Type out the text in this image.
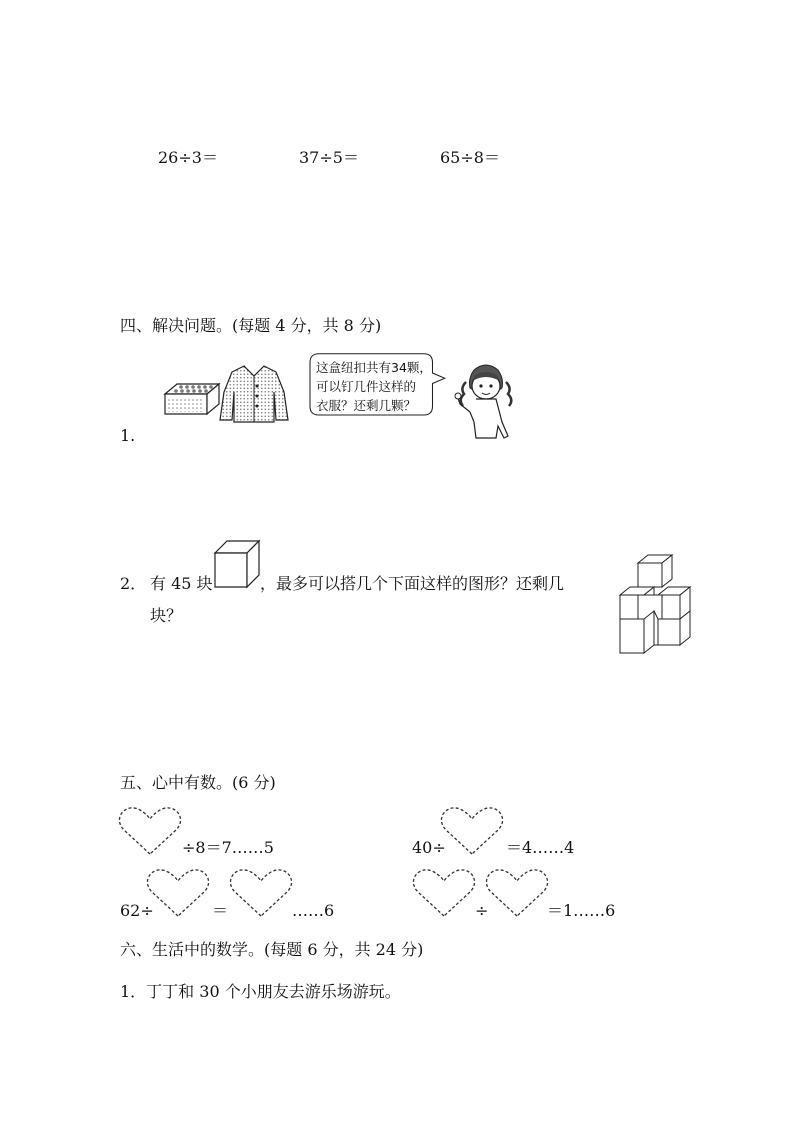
26÷3＝	37÷5＝	65÷8＝
四、解决问题。(每题 4 分，共 8 分)
这盒纽扣共有34颗，
可以钉几件这样的
衣服？还剩几颗？
1.
2． 有 45 块	，最多可以搭几个下面这样的图形？还剩几
块？
五、心中有数。(6 分)
÷8＝7……5	40÷	＝4……4
62÷	＝	……6	÷	＝1……6
六、生活中的数学。(每题 6 分，共 24 分)
1．丁丁和 30 个小朋友去游乐场游玩。
